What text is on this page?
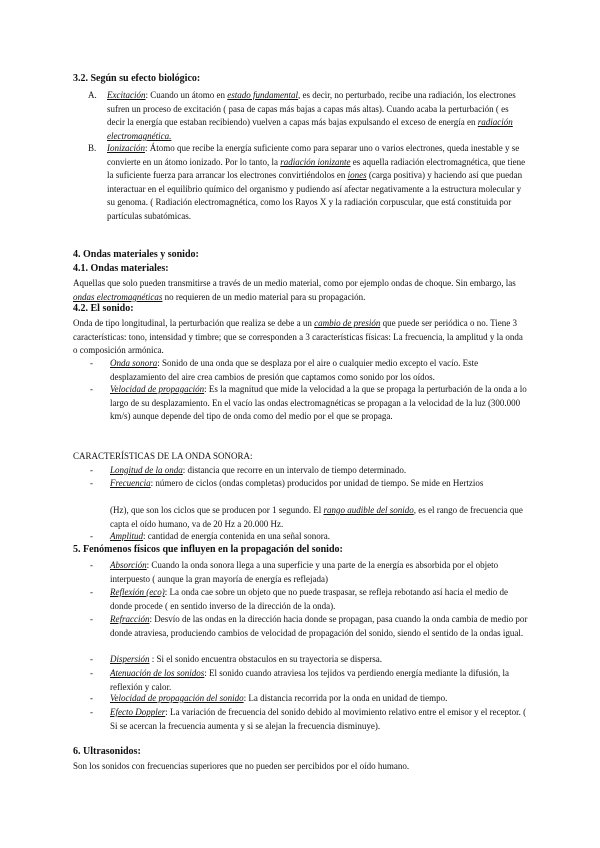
3.2. Según su efecto biológico:
A. Excitación: Cuando un átomo en estado fundamental, es decir, no perturbado, recibe una radiación, los electrones sufren un proceso de excitación ( pasa de capas más bajas a capas más altas). Cuando acaba la perturbación ( es decir la energía que estaban recibiendo) vuelven a capas más bajas expulsando el exceso de energía en radiación electromagnética.
B. Ionización: Átomo que recibe la energía suficiente como para separar uno o varios electrones, queda inestable y se convierte en un átomo ionizado. Por lo tanto, la radiación ionizante es aquella radiación electromagnética, que tiene la suficiente fuerza para arrancar los electrones convirtiéndolos en iones (carga positiva) y haciendo así que puedan interactuar en el equilibrio químico del organismo y pudiendo así afectar negativamente a la estructura molecular y su genoma. ( Radiación electromagnética, como los Rayos X y la radiación corpuscular, que está constituida por partículas subatómicas.
4. Ondas materiales y sonido:
4.1. Ondas materiales:

Aquellas que solo pueden transmitirse a través de un medio material, como por ejemplo ondas de choque. Sin embargo, las ondas electromagnéticas no requieren de un medio material para su propagación.

4.2. El sonido:

Onda de tipo longitudinal, la perturbación que realiza se debe a un cambio de presión que puede ser periódica o no. Tiene 3 características: tono, intensidad y timbre; que se corresponden a 3 características físicas: La frecuencia, la amplitud y la onda o composición armónica.

- Onda sonora: Sonido de una onda que se desplaza por el aire o cualquier medio excepto el vacío. Este desplazamiento del aire crea cambios de presión que captamos como sonido por los oídos.
- Velocidad de propagación: Es la magnitud que mide la velocidad a la que se propaga la perturbación de la onda a lo largo de su desplazamiento. En el vacío las ondas electromagnéticas se propagan a la velocidad de la luz (300.000 km/s) aunque depende del tipo de onda como del medio por el que se propaga.

CARACTERÍSTICAS DE LA ONDA SONORA:

- Longitud de la onda: distancia que recorre en un intervalo de tiempo determinado.
- Frecuencia: número de ciclos (ondas completas) producidos por unidad de tiempo. Se mide en Hertzios
(Hz), que son los ciclos que se producen por 1 segundo. El rango audible del sonido, es el rango de frecuencia que capta el oído humano, va de 20 Hz a 20.000 Hz.
- Amplitud: cantidad de energía contenida en una señal sonora.
5. Fenómenos físicos que influyen en la propagación del sonido:
- Absorción: Cuando la onda sonora llega a una superficie y una parte de la energía es absorbida por el objeto interpuesto ( aunque la gran mayoría de energía es reflejada)
- Reflexión (eco): La onda cae sobre un objeto que no puede traspasar, se refleja rebotando así hacia el medio de donde procede ( en sentido inverso de la dirección de la onda).
- Refracción: Desvío de las ondas en la dirección hacia donde se propagan, pasa cuando la onda cambia de medio por donde atraviesa, produciendo cambios de velocidad de propagación del sonido, siendo el sentido de la ondas igual.
- Dispersión : Si el sonido encuentra obstaculos en su trayectoria se dispersa.
- Atenuación de los sonidos: El sonido cuando atraviesa los tejidos va perdiendo energía mediante la difusión, la reflexión y calor.
- Velocidad de propagación del sonido: La distancia recorrida por la onda en unidad de tiempo.
- Efecto Doppler: La variación de frecuencia del sonido debido al movimiento relativo entre el emisor y el receptor. ( Si se acercan la frecuencia aumenta y si se alejan la frecuencia disminuye).
6. Ultrasonidos:

Son los sonidos con frecuencias superiores que no pueden ser percibidos por el oído humano.
